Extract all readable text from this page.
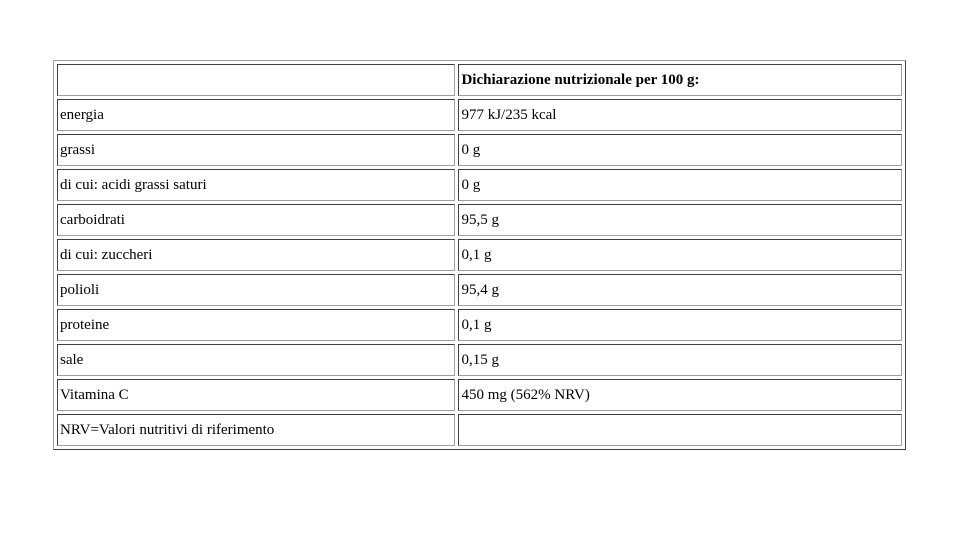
	Dichiarazione nutrizionale per 100 g:
energia	977 kJ/235 kcal
grassi	0 g
di cui: acidi grassi saturi	0 g
carboidrati	95,5 g
di cui: zuccheri	0,1 g
polioli	95,4 g
proteine	0,1 g
sale	0,15 g
Vitamina C	450 mg (562% NRV)
NRV=Valori nutritivi di riferimento	
